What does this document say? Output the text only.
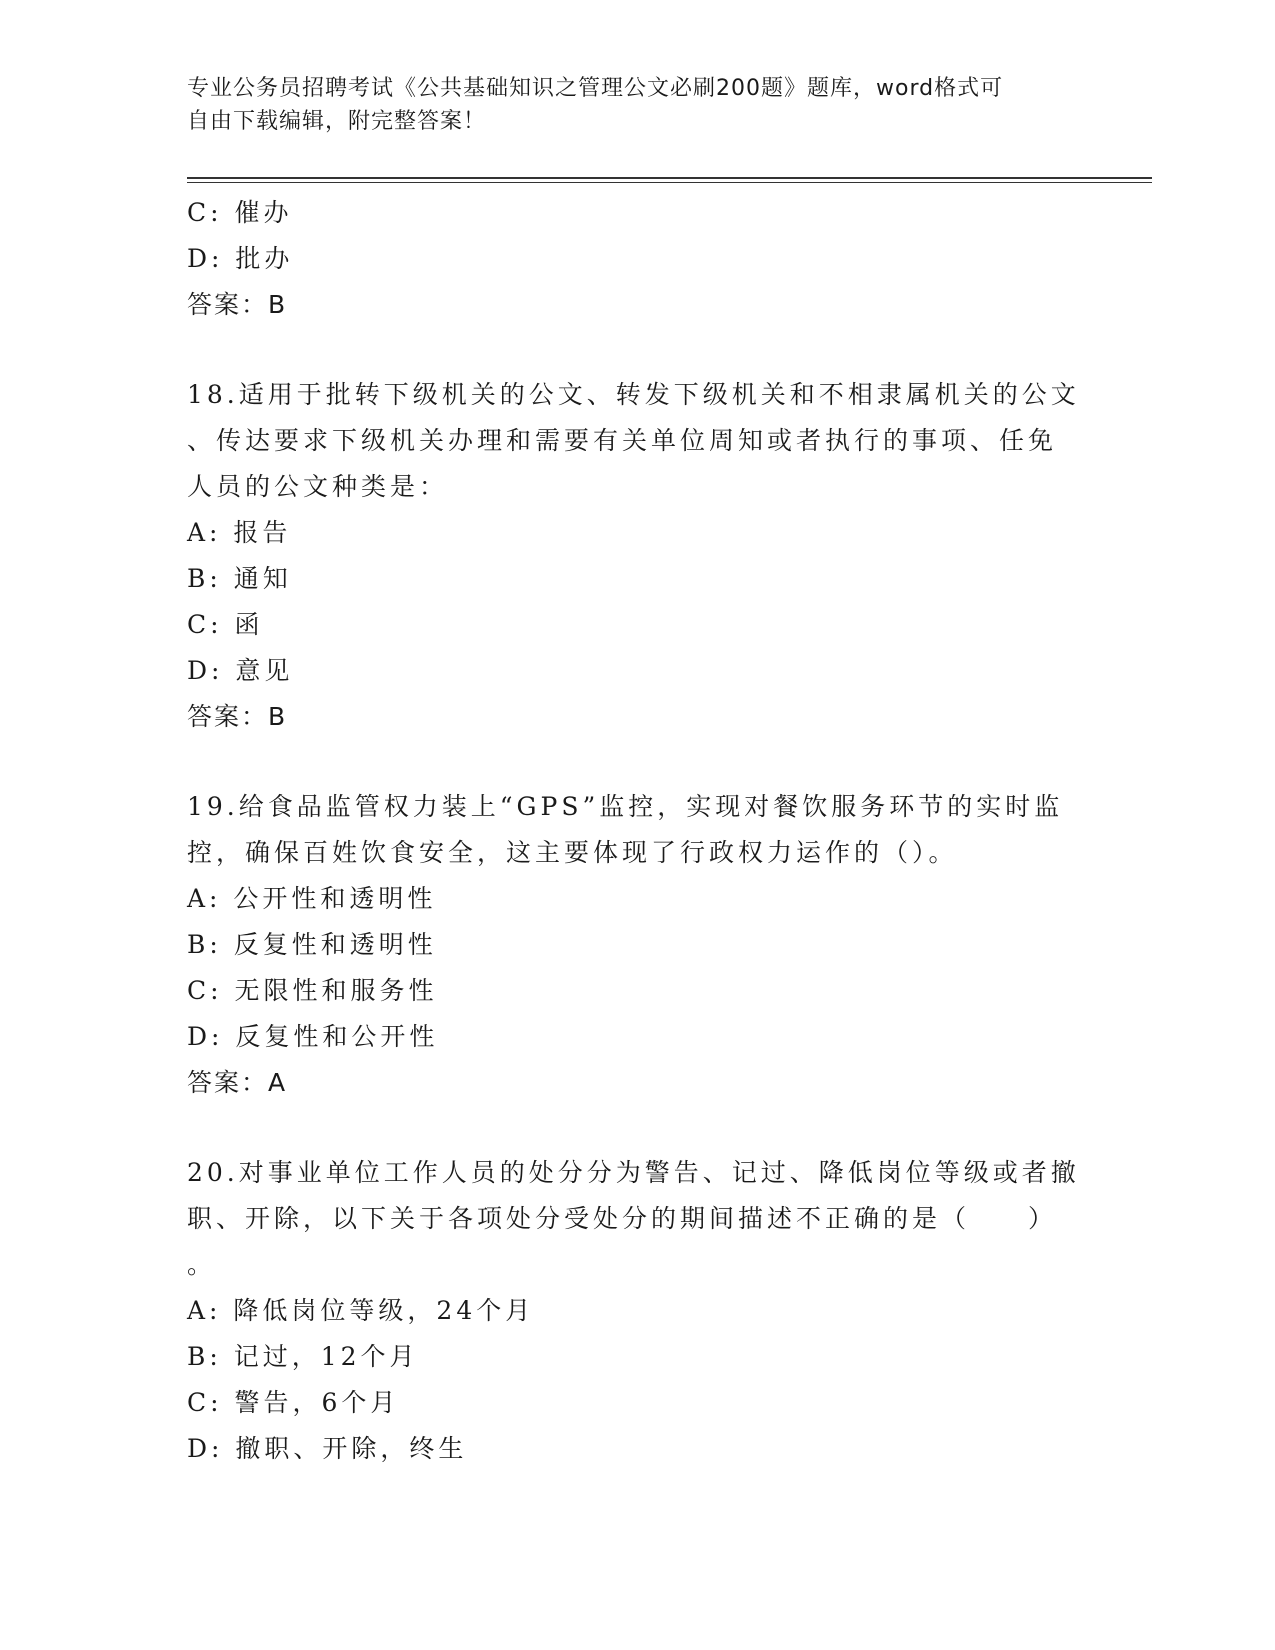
专业公务员招聘考试《公共基础知识之管理公文必刷200题》题库，word格式可
自由下载编辑，附完整答案！
C: 催办
D: 批办
答案：B
18.适用于批转下级机关的公文、转发下级机关和不相隶属机关的公文
、传达要求下级机关办理和需要有关单位周知或者执行的事项、任免
人员的公文种类是：
A: 报告
B: 通知
C: 函
D: 意见
答案：B
19.给食品监管权力装上“GPS”监控，实现对餐饮服务环节的实时监
控，确保百姓饮食安全，这主要体现了行政权力运作的（）。
A: 公开性和透明性
B: 反复性和透明性
C: 无限性和服务性
D: 反复性和公开性
答案：A
20.对事业单位工作人员的处分分为警告、记过、降低岗位等级或者撤
职、开除，以下关于各项处分受处分的期间描述不正确的是（　　）
。
A: 降低岗位等级，24个月
B: 记过，12个月
C: 警告，6个月
D: 撤职、开除，终生
